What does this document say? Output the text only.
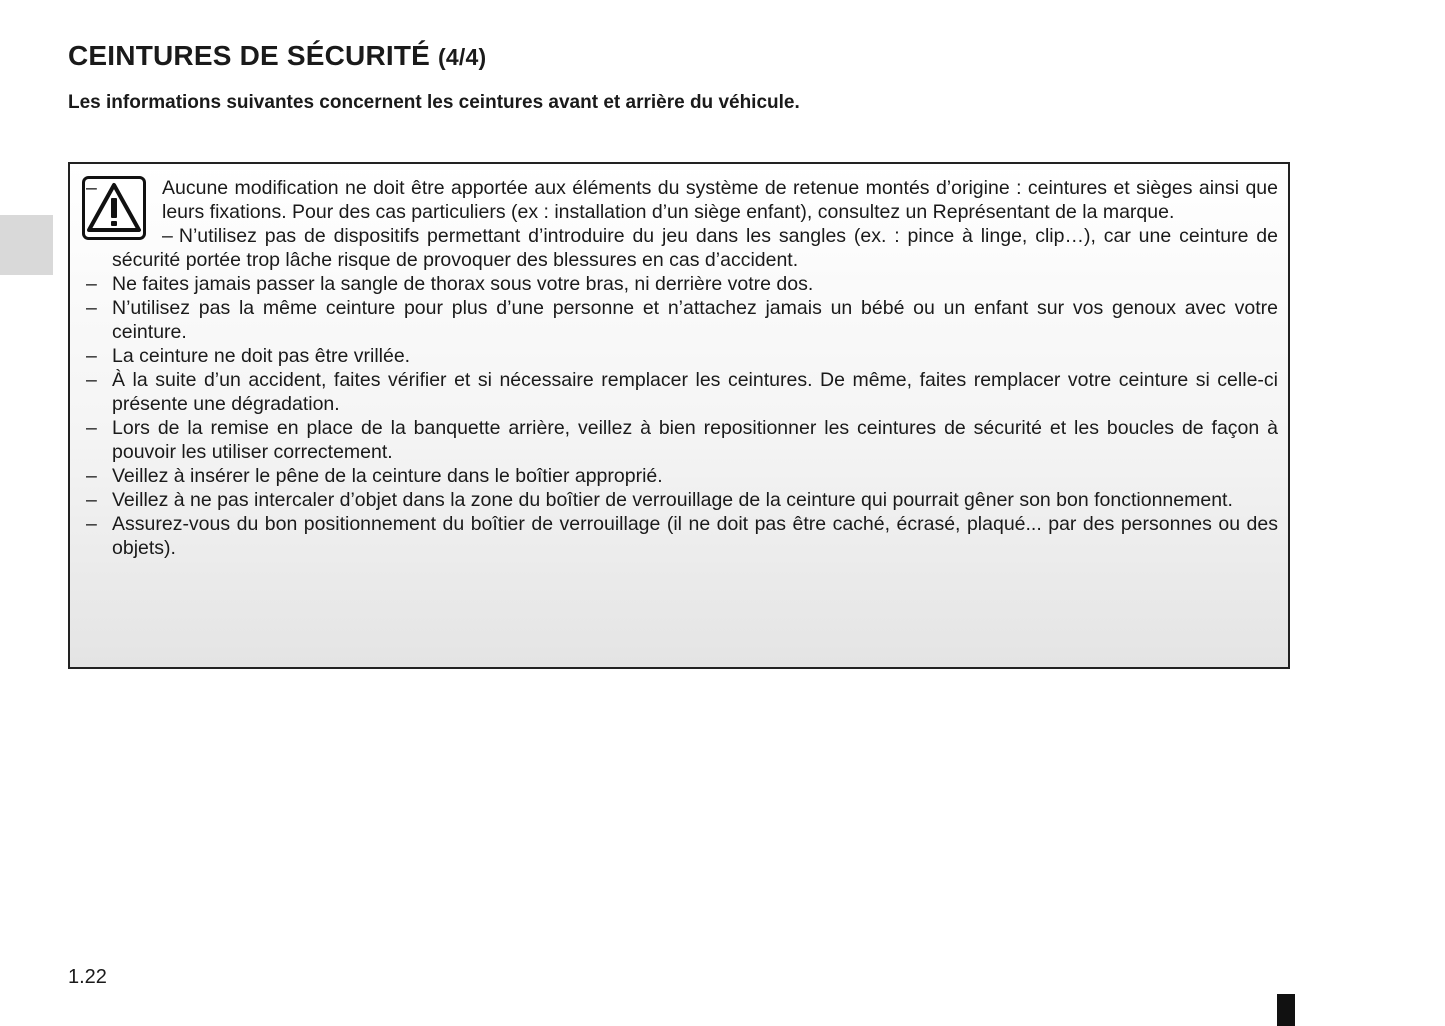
CEINTURES DE SÉCURITÉ (4/4)

Les informations suivantes concernent les ceintures avant et arrière du véhicule.

–	Aucune modification ne doit être apportée aux éléments du système de retenue montés d’origine : ceintures et sièges ainsi que leurs fixations. Pour des cas particuliers (ex : installation d’un siège enfant), consultez un Représentant de la marque.
– N’utilisez pas de dispositifs permettant d’introduire du jeu dans les sangles (ex. : pince à linge, clip…), car une ceinture de sécurité portée trop lâche risque de provoquer des blessures en cas d’accident.
– Ne faites jamais passer la sangle de thorax sous votre bras, ni derrière votre dos.
– N’utilisez pas la même ceinture pour plus d’une personne et n’attachez jamais un bébé ou un enfant sur vos genoux avec votre ceinture.
– La ceinture ne doit pas être vrillée.
– À la suite d’un accident, faites vérifier et si nécessaire remplacer les ceintures. De même, faites remplacer votre ceinture si celle-ci présente une dégradation.
– Lors de la remise en place de la banquette arrière, veillez à bien repositionner les ceintures de sécurité et les boucles de façon à pouvoir les utiliser correctement.
– Veillez à insérer le pêne de la ceinture dans le boîtier approprié.
– Veillez à ne pas intercaler d’objet dans la zone du boîtier de verrouillage de la ceinture qui pourrait gêner son bon fonctionnement.
– Assurez-vous du bon positionnement du boîtier de verrouillage (il ne doit pas être caché, écrasé, plaqué... par des personnes ou des objets).
1.22
